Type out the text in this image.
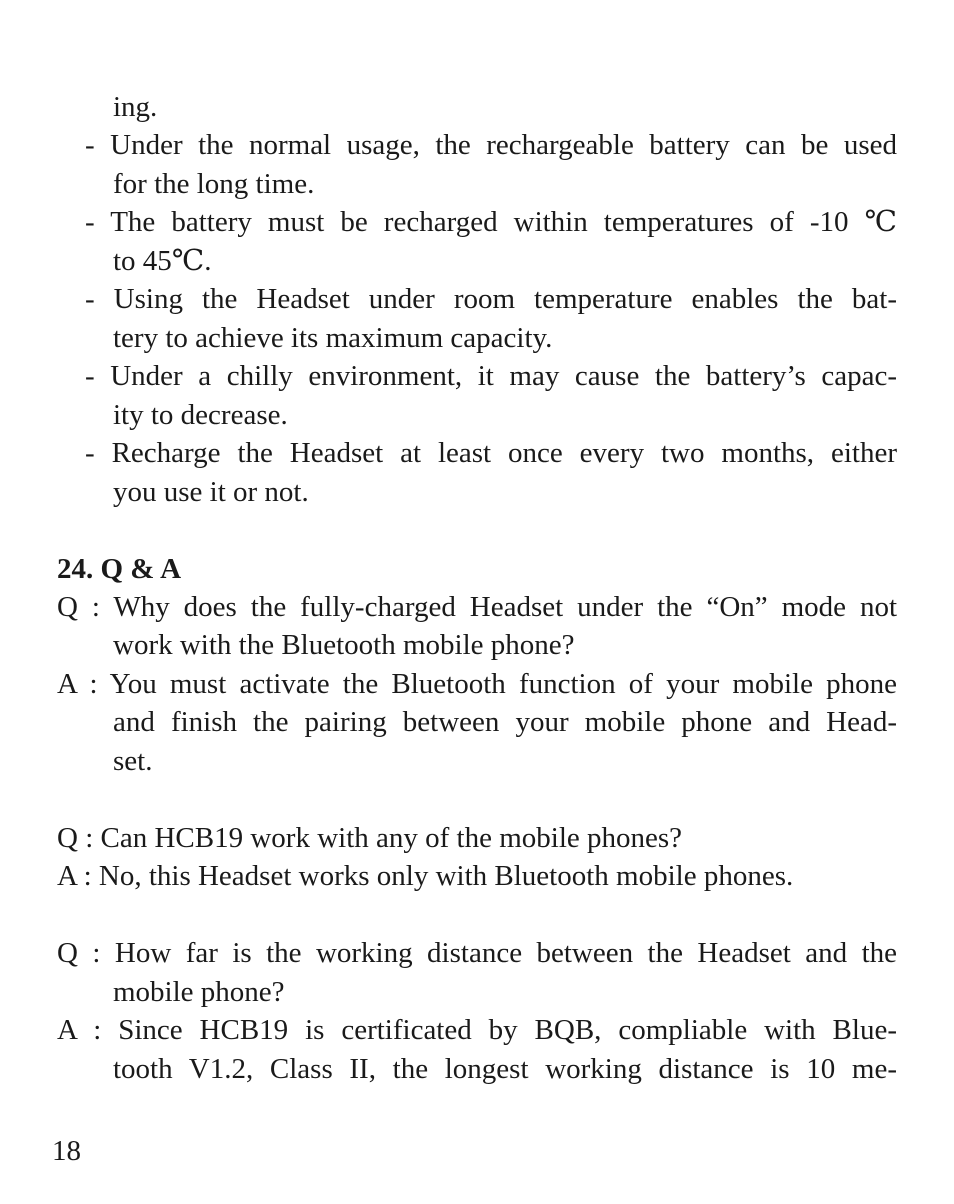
ing.
- Under the normal usage, the rechargeable battery can be used
for the long time.
- The battery must be recharged within temperatures of -10 ℃
to 45℃.
- Using the Headset under room temperature enables the bat-
tery to achieve its maximum capacity.
- Under a chilly environment, it may cause the battery’s capac-
ity to decrease.
- Recharge the Headset at least once every two months, either
you use it or not.
24. Q & A
Q : Why does the fully-charged Headset under the “On” mode not
work with the Bluetooth mobile phone?
A : You must activate the Bluetooth function of your mobile phone
and finish the pairing between your mobile phone and Head-
set.
Q : Can HCB19 work with any of the mobile phones?
A : No, this Headset works only with Bluetooth mobile phones.
Q : How far is the working distance between the Headset and the
mobile phone?
A : Since HCB19 is certificated by BQB, compliable with Blue-
tooth V1.2, Class II, the longest working distance is 10 me-
18
